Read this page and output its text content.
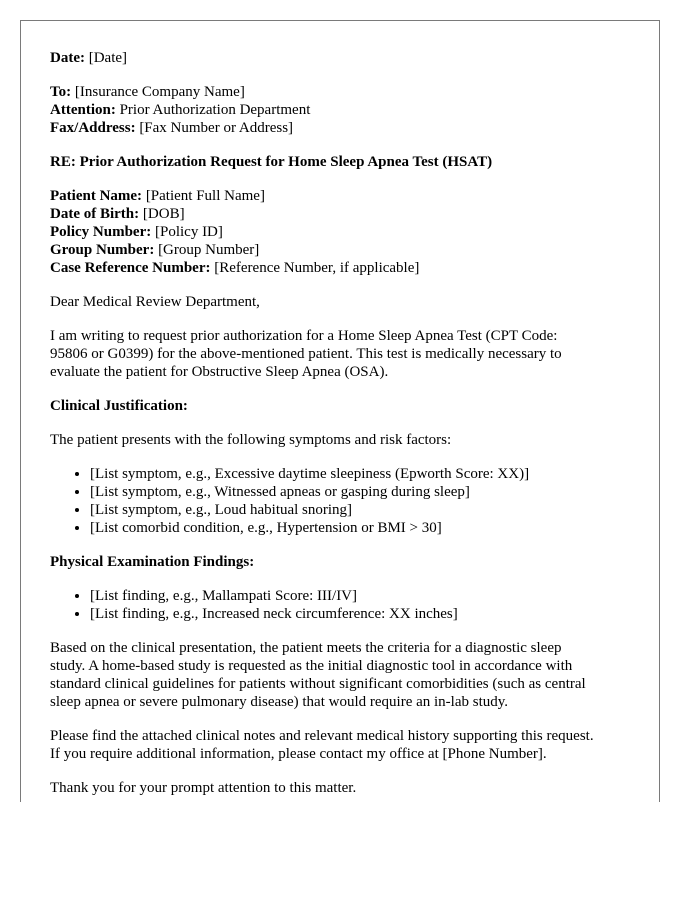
Date: [Date]
To: [Insurance Company Name]
Attention: Prior Authorization Department
Fax/Address: [Fax Number or Address]
RE: Prior Authorization Request for Home Sleep Apnea Test (HSAT)
Patient Name: [Patient Full Name]
Date of Birth: [DOB]
Policy Number: [Policy ID]
Group Number: [Group Number]
Case Reference Number: [Reference Number, if applicable]
Dear Medical Review Department,
I am writing to request prior authorization for a Home Sleep Apnea Test (CPT Code:
95806 or G0399) for the above-mentioned patient. This test is medically necessary to
evaluate the patient for Obstructive Sleep Apnea (OSA).
Clinical Justification:
The patient presents with the following symptoms and risk factors:
• [List symptom, e.g., Excessive daytime sleepiness (Epworth Score: XX)]
• [List symptom, e.g., Witnessed apneas or gasping during sleep]
• [List symptom, e.g., Loud habitual snoring]
• [List comorbid condition, e.g., Hypertension or BMI > 30]
Physical Examination Findings:
• [List finding, e.g., Mallampati Score: III/IV]
• [List finding, e.g., Increased neck circumference: XX inches]
Based on the clinical presentation, the patient meets the criteria for a diagnostic sleep
study. A home-based study is requested as the initial diagnostic tool in accordance with
standard clinical guidelines for patients without significant comorbidities (such as central
sleep apnea or severe pulmonary disease) that would require an in-lab study.
Please find the attached clinical notes and relevant medical history supporting this request.
If you require additional information, please contact my office at [Phone Number].
Thank you for your prompt attention to this matter.
